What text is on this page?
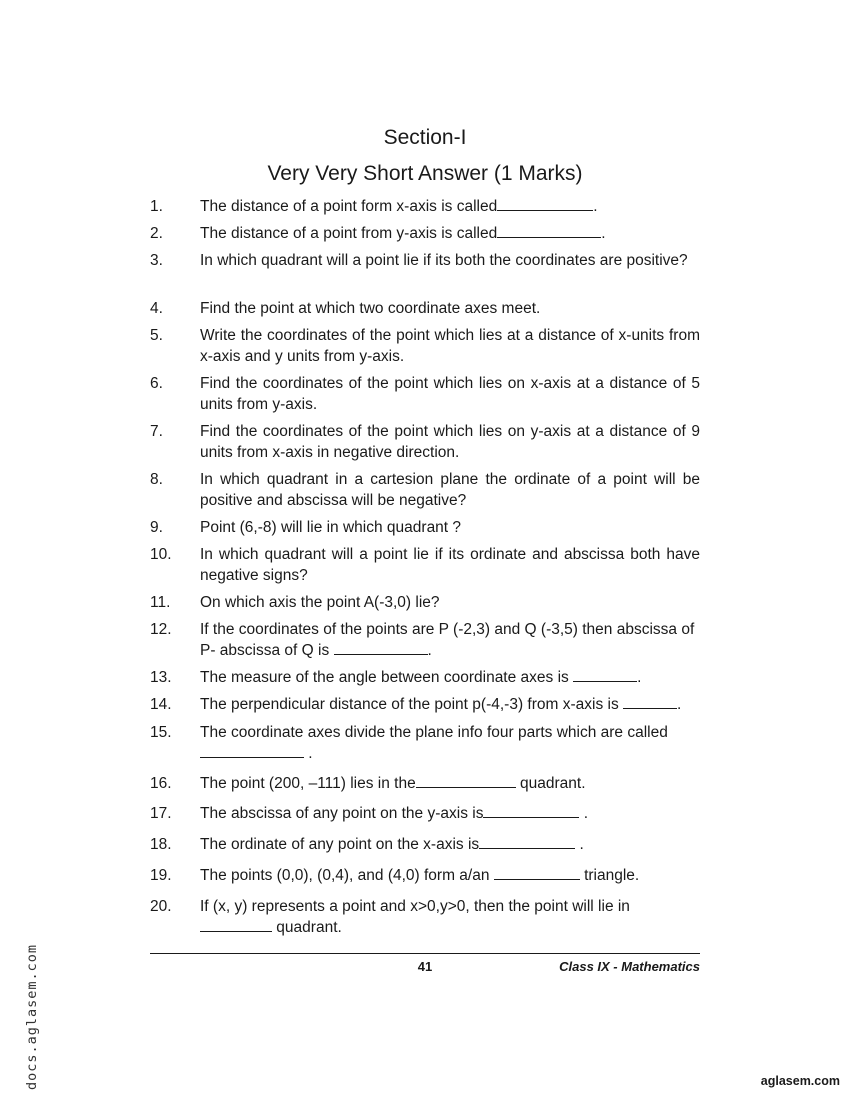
Section-I
Very Very Short Answer (1 Marks)
1.	The distance of a point form x-axis is called	.
2.	The distance of a point from y-axis is called	.
3.	In which quadrant will a point lie if its both the coordinates are positive?
4.	Find the point at which two coordinate axes meet.
5.	Write the coordinates of the point which lies at a distance of x-units from x-axis and y units from y-axis.
6.	Find the coordinates of the point which lies on x-axis at a distance of 5 units from y-axis.
7.	Find the coordinates of the point which lies on y-axis at a distance of 9 units from x-axis in negative direction.
8.	In which quadrant in a cartesion plane the ordinate of a point will be positive and abscissa will be negative?
9.	Point (6,-8) will lie in which quadrant ?
10.	In which quadrant will a point lie if its ordinate and abscissa both have negative signs?
11.	On which axis the point A(-3,0) lie?
12.	If the coordinates of the points are P (-2,3) and Q (-3,5) then abscissa of P- abscissa of Q is	.
13.	The measure of the angle between coordinate axes is	.
14.	The perpendicular distance of the point p(-4,-3) from x-axis is	.
15.	The coordinate axes divide the plane info four parts which are called  .
16.	The point (200, –111) lies in the	quadrant.
17.	The abscissa of any point on the y-axis is	.
18.	The ordinate of any point on the x-axis is	.
19.	The points (0,0), (0,4), and (4,0) form a/an	triangle.
20.	If (x, y) represents a point and x>0,y>0, then the point will lie in  quadrant.
41	Class IX - Mathematics
docs.aglasem.com	aglasem.com
